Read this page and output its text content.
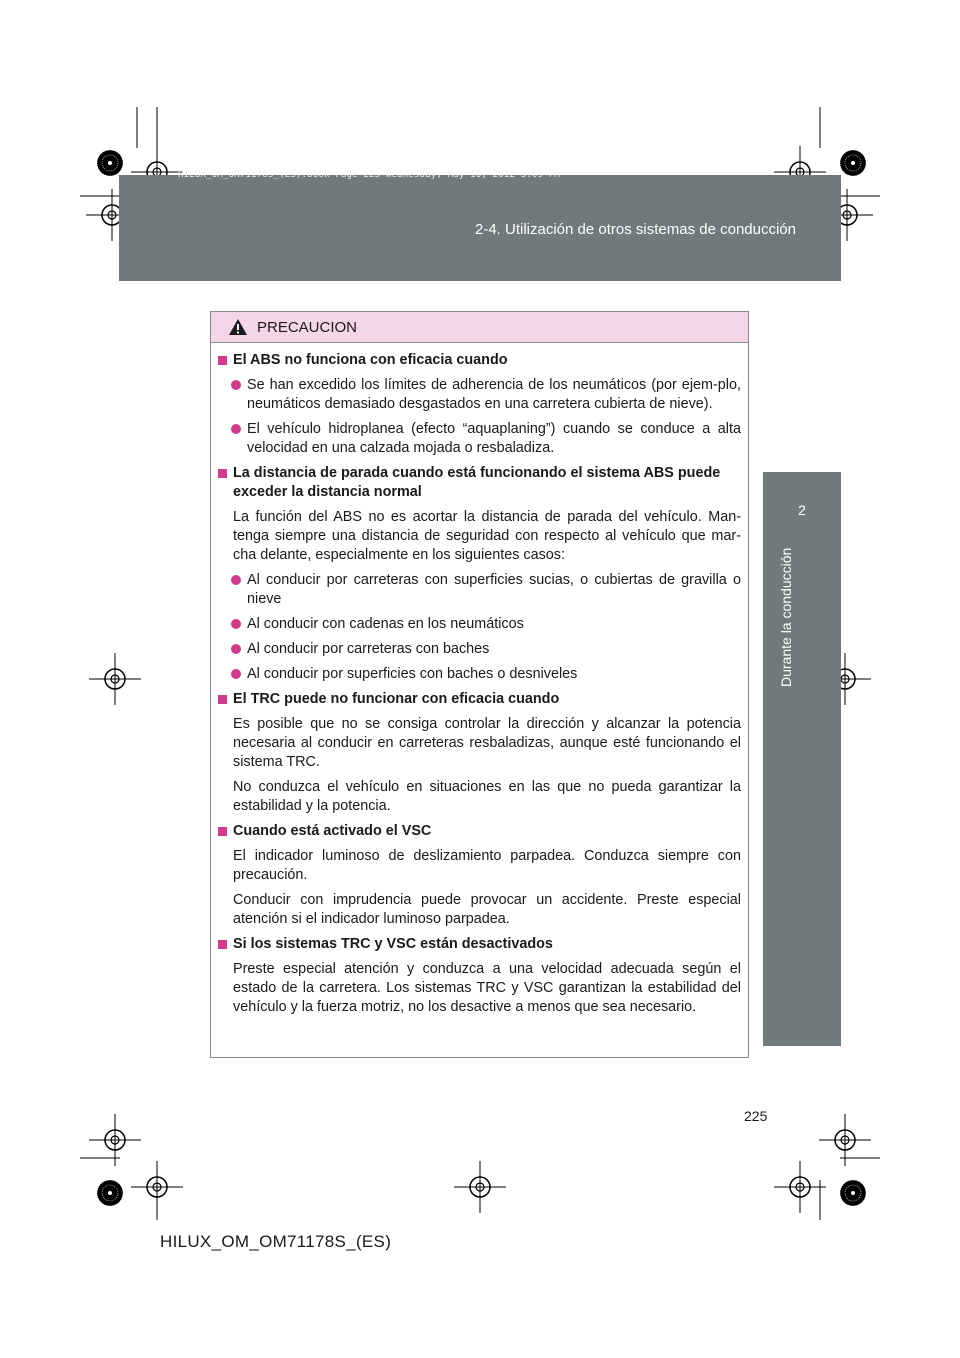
HILUX_OM_OM71178S_(ES).book Page 225 Wednesday, May 16, 2012 3:09 PM
2-4. Utilización de otros sistemas de conducción
2
Durante la conducción
PRECAUCION
El ABS no funciona con eficacia cuando
Se han excedido los límites de adherencia de los neumáticos (por ejem-plo, neumáticos demasiado desgastados en una carretera cubierta de nieve).
El vehículo hidroplanea (efecto “aquaplaning”) cuando se conduce a alta velocidad en una calzada mojada o resbaladiza.
La distancia de parada cuando está funcionando el sistema ABS puede exceder la distancia normal
La función del ABS no es acortar la distancia de parada del vehículo. Man-tenga siempre una distancia de seguridad con respecto al vehículo que mar-cha delante, especialmente en los siguientes casos:
Al conducir por carreteras con superficies sucias, o cubiertas de gravilla o nieve
Al conducir con cadenas en los neumáticos
Al conducir por carreteras con baches
Al conducir por superficies con baches o desniveles
El TRC puede no funcionar con eficacia cuando
Es posible que no se consiga controlar la dirección y alcanzar la potencia necesaria al conducir en carreteras resbaladizas, aunque esté funcionando el sistema TRC.
No conduzca el vehículo en situaciones en las que no pueda garantizar la estabilidad y la potencia.
Cuando está activado el VSC
El indicador luminoso de deslizamiento parpadea. Conduzca siempre con precaución.
Conducir con imprudencia puede provocar un accidente. Preste especial atención si el indicador luminoso parpadea.
Si los sistemas TRC y VSC están desactivados
Preste especial atención y conduzca a una velocidad adecuada según el estado de la carretera. Los sistemas TRC y VSC garantizan la estabilidad del vehículo y la fuerza motriz, no los desactive a menos que sea necesario.
225
HILUX_OM_OM71178S_(ES)
